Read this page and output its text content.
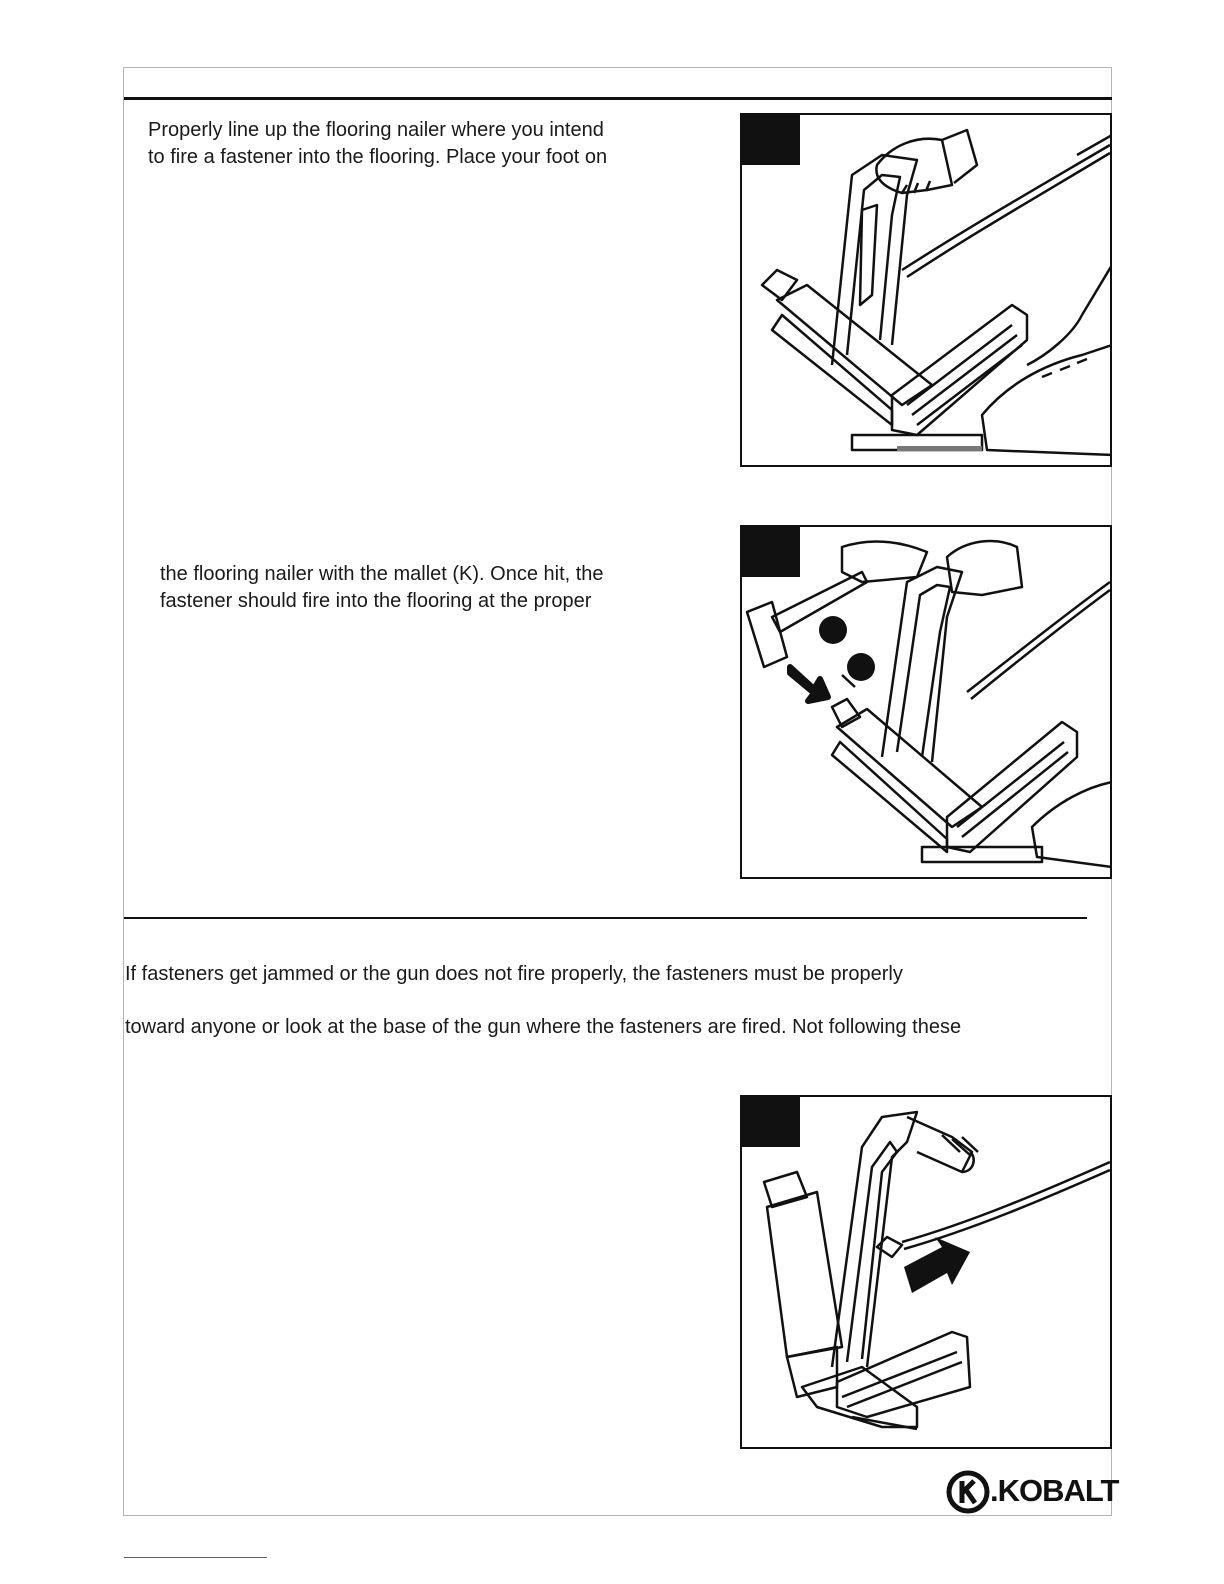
Properly line up the flooring nailer where you intend
to fire a fastener into the flooring. Place your foot on
the flooring nailer with the mallet (K). Once hit, the
fastener should fire into the flooring at the proper
If fasteners get jammed or the gun does not fire properly, the fasteners must be properly
toward anyone or look at the base of the gun where the fasteners are fired. Not following these
.KOBALT
